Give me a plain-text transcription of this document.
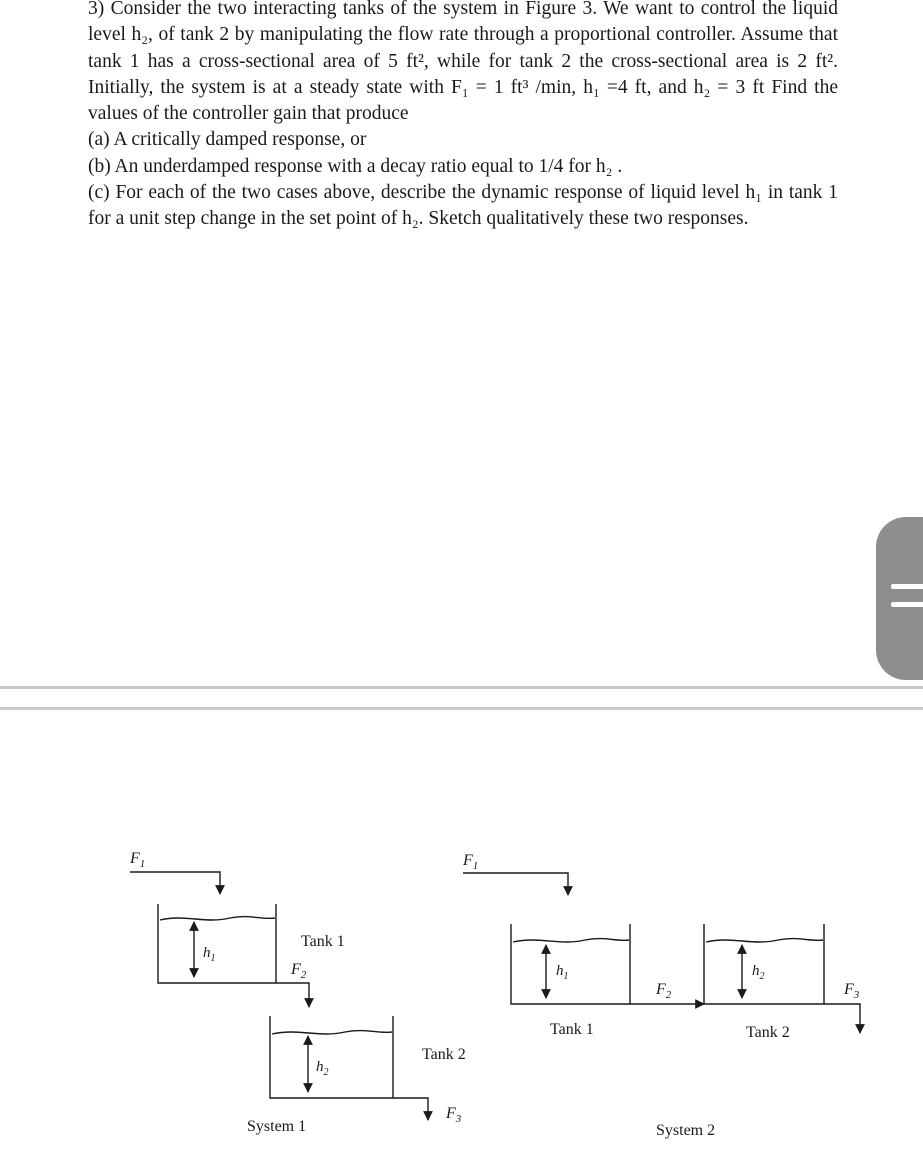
3) Consider the two interacting tanks of the system in Figure 3. We want to control the liquid level h₂, of tank 2 by manipulating the flow rate through a proportional controller. Assume that tank 1 has a cross-sectional area of 5 ft², while for tank 2 the cross-sectional area is 2 ft². Initially, the system is at a steady state with F₁ = 1 ft³ /min, h₁ =4 ft, and h₂ = 3 ft Find the values of the controller gain that produce

(a) A critically damped response, or

(b) An underdamped response with a decay ratio equal to 1/4 for h₂ .

(c) For each of the two cases above, describe the dynamic response of liquid level h₁ in tank 1 for a unit step change in the set point of h₂. Sketch qualitatively these two responses.

$F_1$
$h_1$
Tank 1
$F_2$
$h_2$
Tank 2
$F_3$
System 1
$F_1$
$h_1$
Tank 1
$F_2$
$h_2$
Tank 2
$F_3$
System 2
